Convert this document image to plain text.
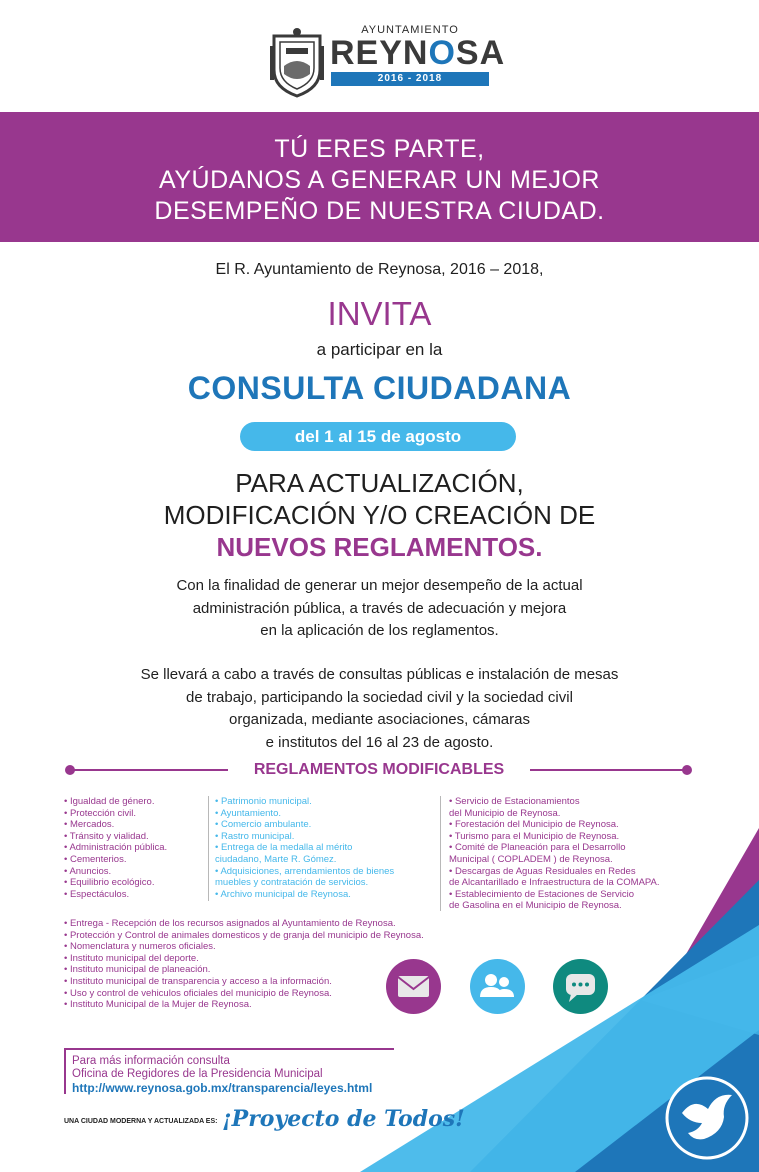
AYUNTAMIENTO
REYNOSA
2016 - 2018
TÚ ERES PARTE,
AYÚDANOS A GENERAR UN MEJOR
DESEMPEÑO DE NUESTRA CIUDAD.
El R. Ayuntamiento de Reynosa, 2016 – 2018,
INVITA
a participar en la
CONSULTA CIUDADANA
del 1 al 15 de agosto
PARA ACTUALIZACIÓN,
MODIFICACIÓN Y/O CREACIÓN DE
NUEVOS REGLAMENTOS.
Con la finalidad de generar un mejor desempeño de la actual
administración pública, a través de adecuación y mejora
en la aplicación de los reglamentos.
Se llevará a cabo a través de consultas públicas e instalación de mesas
de trabajo, participando la sociedad civil y la sociedad civil
organizada, mediante asociaciones, cámaras
e institutos del 16 al 23 de agosto.
REGLAMENTOS MODIFICABLES
• Igualdad de género.
• Protección civil.
• Mercados.
• Tránsito y vialidad.
• Administración pública.
• Cementerios.
• Anuncios.
• Equilibrio ecológico.
• Espectáculos.
• Patrimonio municipal.
• Ayuntamiento.
• Comercio ambulante.
• Rastro municipal.
• Entrega de la medalla al mérito
ciudadano, Marte R. Gómez.
• Adquisiciones, arrendamientos de bienes
muebles y contratación de servicios.
• Archivo municipal de Reynosa.
• Servicio de Estacionamientos
del Municipio de Reynosa.
• Forestación del Municipio de Reynosa.
• Turismo para el Municipio de Reynosa.
• Comité de Planeación para el Desarrollo
Municipal ( COPLADEM ) de Reynosa.
• Descargas de Aguas Residuales en Redes
de Alcantarillado e Infraestructura de la COMAPA.
• Establecimiento de Estaciones de Servicio
de Gasolina en el Municipio de Reynosa.
• Entrega - Recepción de los recursos asignados al Ayuntamiento de Reynosa.
• Protección y Control de animales domesticos y de granja del municipio de Reynosa.
• Nomenclatura y numeros oficiales.
• Instituto municipal del deporte.
• Instituto municipal de planeación.
• Instituto municipal de transparencia y acceso a la información.
• Uso y control de vehiculos oficiales del municipio de Reynosa.
• Instituto Municipal de la Mujer de Reynosa.
Para más información consulta
Oficina de Regidores de la Presidencia Municipal
http://www.reynosa.gob.mx/transparencia/leyes.html
UNA CIUDAD MODERNA Y ACTUALIZADA ES: ¡Proyecto de Todos!
